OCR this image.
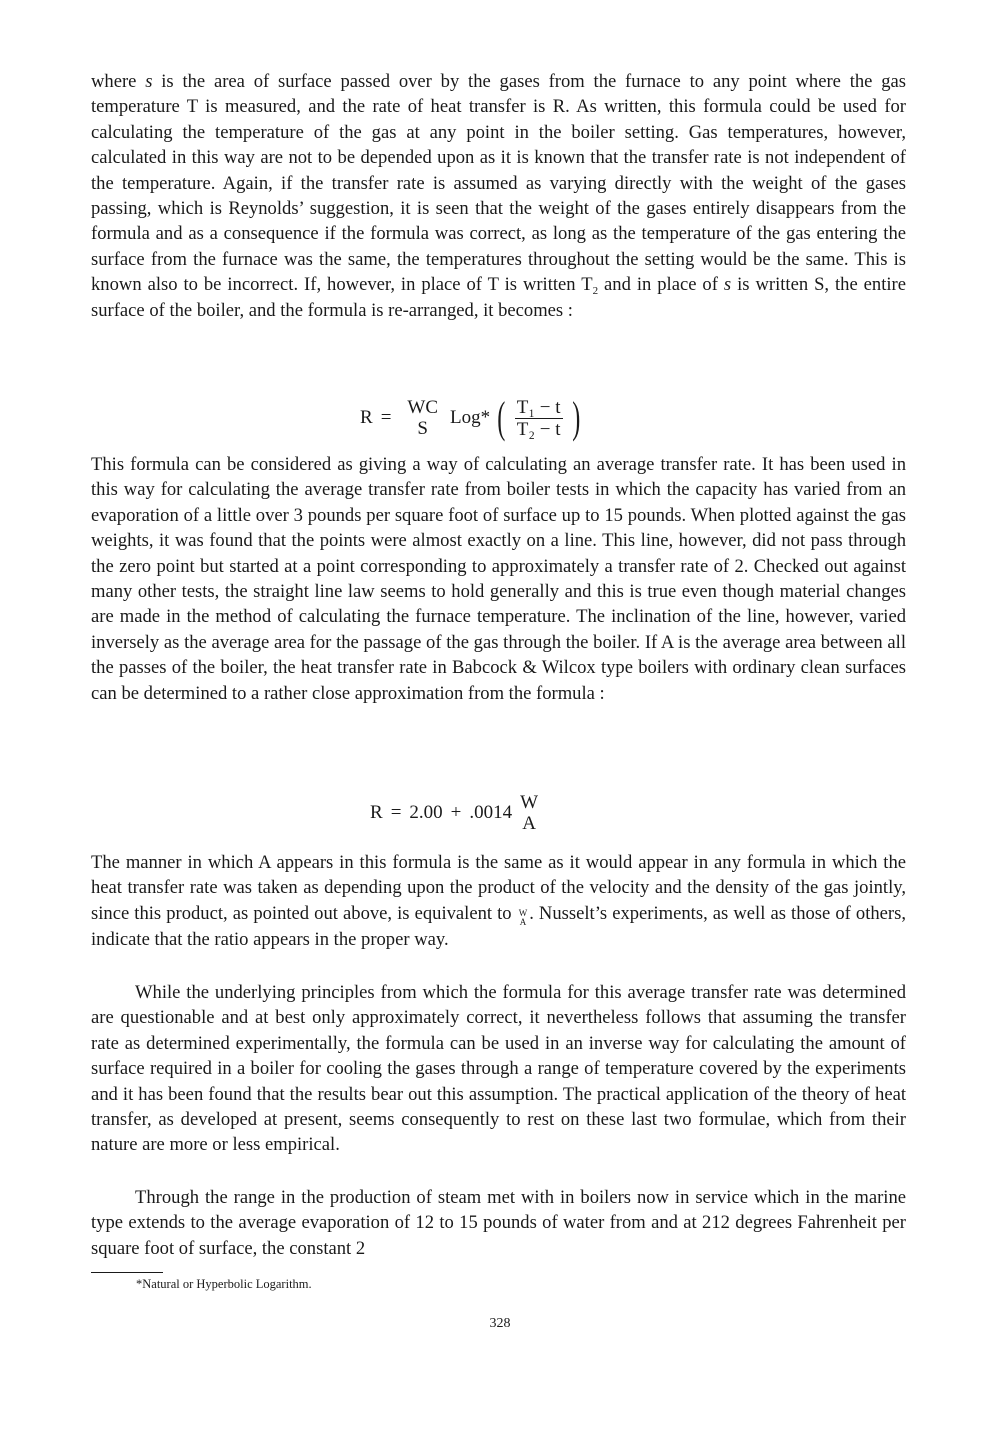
where s is the area of surface passed over by the gases from the furnace to any point where the gas temperature T is measured, and the rate of heat transfer is R. As written, this formula could be used for calculating the temperature of the gas at any point in the boiler setting. Gas temperatures, however, calculated in this way are not to be depended upon as it is known that the transfer rate is not independent of the temperature. Again, if the transfer rate is assumed as varying directly with the weight of the gases passing, which is Reynolds’ suggestion, it is seen that the weight of the gases entirely disappears from the formula and as a consequence if the formula was correct, as long as the temperature of the gas entering the surface from the furnace was the same, the temperatures throughout the setting would be the same. This is known also to be incorrect. If, however, in place of T is written $T_2$ and in place of s is written S, the entire surface of the boiler, and the formula is re-arranged, it becomes :
R = WC
S
Log* ( $\frac{\text{T₁ − t}}{\text{T₂ − t}}$ )
This formula can be considered as giving a way of calculating an average transfer rate. It has been used in this way for calculating the average transfer rate from boiler tests in which the capacity has varied from an evaporation of a little over 3 pounds per square foot of surface up to 15 pounds. When plotted against the gas weights, it was found that the points were almost exactly on a line. This line, however, did not pass through the zero point but started at a point corresponding to approximately a transfer rate of 2. Checked out against many other tests, the straight line law seems to hold generally and this is true even though material changes are made in the method of calculating the furnace temperature. The inclination of the line, however, varied inversely as the average area for the passage of the gas through the boiler. If A is the average area between all the passes of the boiler, the heat transfer rate in Babcock & Wilcox type boilers with ordinary clean surfaces can be determined to a rather close approximation from the formula :
R = 2.00 + .0014 W
A
The manner in which A appears in this formula is the same as it would appear in any formula in which the heat transfer rate was taken as depending upon the product of the velocity and the density of the gas jointly, since this product, as pointed out above, is equivalent to W
A . Nusselt’s experiments, as well as those of others, indicate that the ratio appears in the proper way.
While the underlying principles from which the formula for this average transfer rate was determined are questionable and at best only approximately correct, it nevertheless follows that assuming the transfer rate as determined experimentally, the formula can be used in an inverse way for calculating the amount of surface required in a boiler for cooling the gases through a range of temperature covered by the experiments and it has been found that the results bear out this assumption. The practical application of the theory of heat transfer, as developed at present, seems consequently to rest on these last two formulae, which from their nature are more or less empirical.
Through the range in the production of steam met with in boilers now in service which in the marine type extends to the average evaporation of 12 to 15 pounds of water from and at 212 degrees Fahrenheit per square foot of surface, the constant 2
*Natural or Hyperbolic Logarithm.
328
